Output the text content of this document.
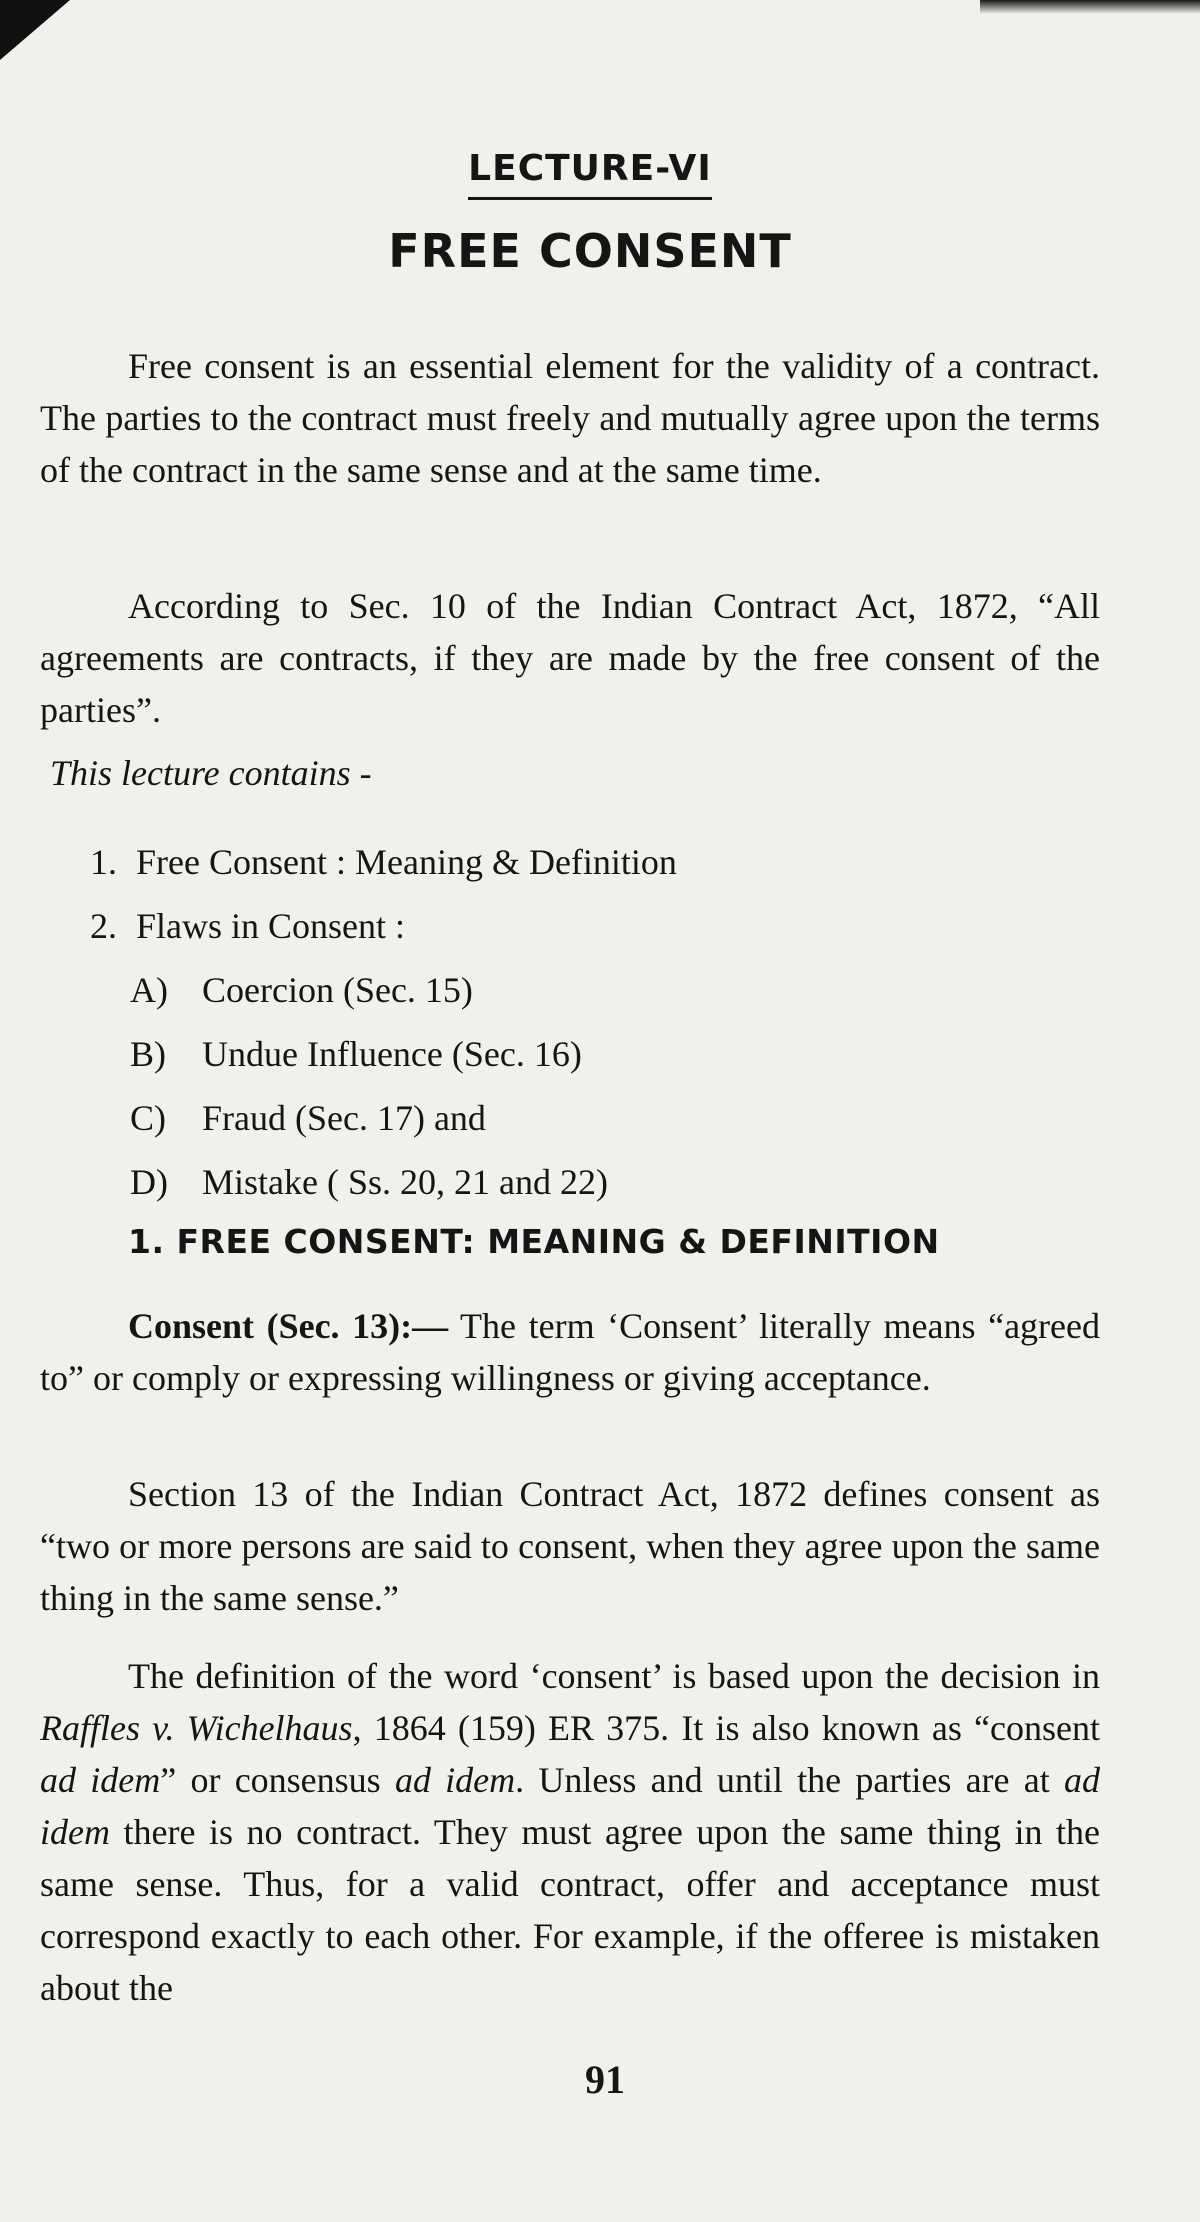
LECTURE-VI
FREE CONSENT

Free consent is an essential element for the validity of a contract. The parties to the contract must freely and mutually agree upon the terms of the contract in the same sense and at the same time.

According to Sec. 10 of the Indian Contract Act, 1872, “All agreements are contracts, if they are made by the free consent of the parties”.

This lecture contains -
1. Free Consent : Meaning & Definition
2. Flaws in Consent :
A) Coercion (Sec. 15)
B) Undue Influence (Sec. 16)
C) Fraud (Sec. 17) and
D) Mistake ( Ss. 20, 21 and 22)
1. FREE CONSENT: MEANING & DEFINITION

Consent (Sec. 13):— The term ‘Consent’ literally means “agreed to” or comply or expressing willingness or giving acceptance.

Section 13 of the Indian Contract Act, 1872 defines consent as “two or more persons are said to consent, when they agree upon the same thing in the same sense.”

The definition of the word ‘consent’ is based upon the decision in Raffles v. Wichelhaus, 1864 (159) ER 375. It is also known as “consent ad idem” or consensus ad idem. Unless and until the parties are at ad idem there is no contract. They must agree upon the same thing in the same sense. Thus, for a valid contract, offer and acceptance must correspond exactly to each other. For example, if the offeree is mistaken about the

91
